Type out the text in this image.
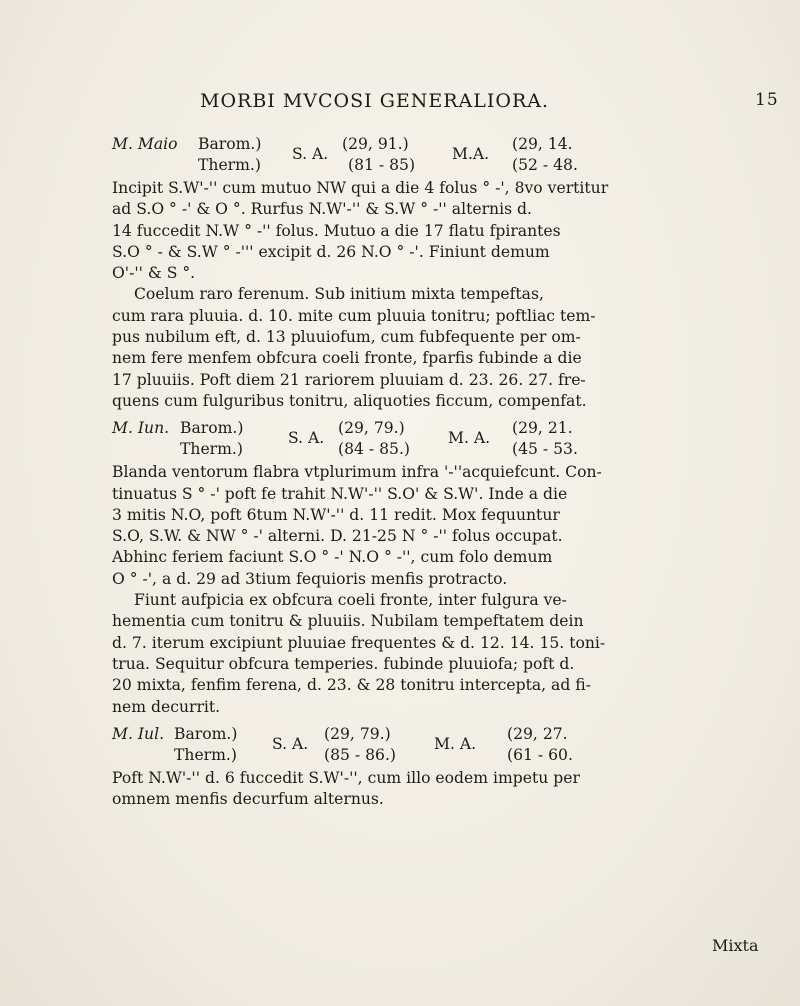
MORBI MVCOSI GENERALIORA.	15
M. Maio Barom.)
Therm.)
S. A.
(29, 91.)
(81 - 85)
M.A.
(29, 14.
(52 - 48.
Incipit S.W'-'' cum mutuo NW qui a die 4 folus ° -', 8vo vertitur
ad S.O ° -' & O °. Rurfus N.W'-'' & S.W ° -'' alternis d.
14 fuccedit N.W ° -'' folus. Mutuo a die 17 flatu fpirantes
S.O ° - & S.W ° -''' excipit d. 26 N.O ° -'. Finiunt demum
O'-'' & S °.
Coelum raro ferenum. Sub initium mixta tempeftas,
cum rara pluuia. d. 10. mite cum pluuia tonitru; poftliac tem-
pus nubilum eft, d. 13 pluuiofum, cum fubfequente per om-
nem fere menfem obfcura coeli fronte, fparfis fubinde a die
17 pluuiis. Poft diem 21 rariorem pluuiam d. 23. 26. 27. fre-
quens cum fulguribus tonitru, aliquoties ficcum, compenfat.
M. Iun. Barom.)
Therm.)
S. A.
(29, 79.)
(84 - 85.)
M. A.
(29, 21.
(45 - 53.
Blanda ventorum flabra vtplurimum infra '-''acquiefcunt. Con-
tinuatus S ° -' poft fe trahit N.W'-'' S.O' & S.W'. Inde a die
3 mitis N.O, poft 6tum N.W'-'' d. 11 redit. Mox fequuntur
S.O, S.W. & NW ° -' alterni. D. 21-25 N ° -'' folus occupat.
Abhinc feriem faciunt S.O ° -' N.O ° -'', cum folo demum
O ° -', a d. 29 ad 3tium fequioris menfis protracto.
Fiunt aufpicia ex obfcura coeli fronte, inter fulgura ve-
hementia cum tonitru & pluuiis. Nubilam tempeftatem dein
d. 7. iterum excipiunt pluuiae frequentes & d. 12. 14. 15. toni-
trua. Sequitur obfcura temperies. fubinde pluuiofa; poft d.
20 mixta, fenfim ferena, d. 23. & 28 tonitru intercepta, ad fi-
nem decurrit.
M. Iul. Barom.)
Therm.)
S. A.
(29, 79.)
(85 - 86.)
M. A.
(29, 27.
(61 - 60.
Poft N.W'-'' d. 6 fuccedit S.W'-'', cum illo eodem impetu per
omnem menfis decurfum alternus.
Mixta
